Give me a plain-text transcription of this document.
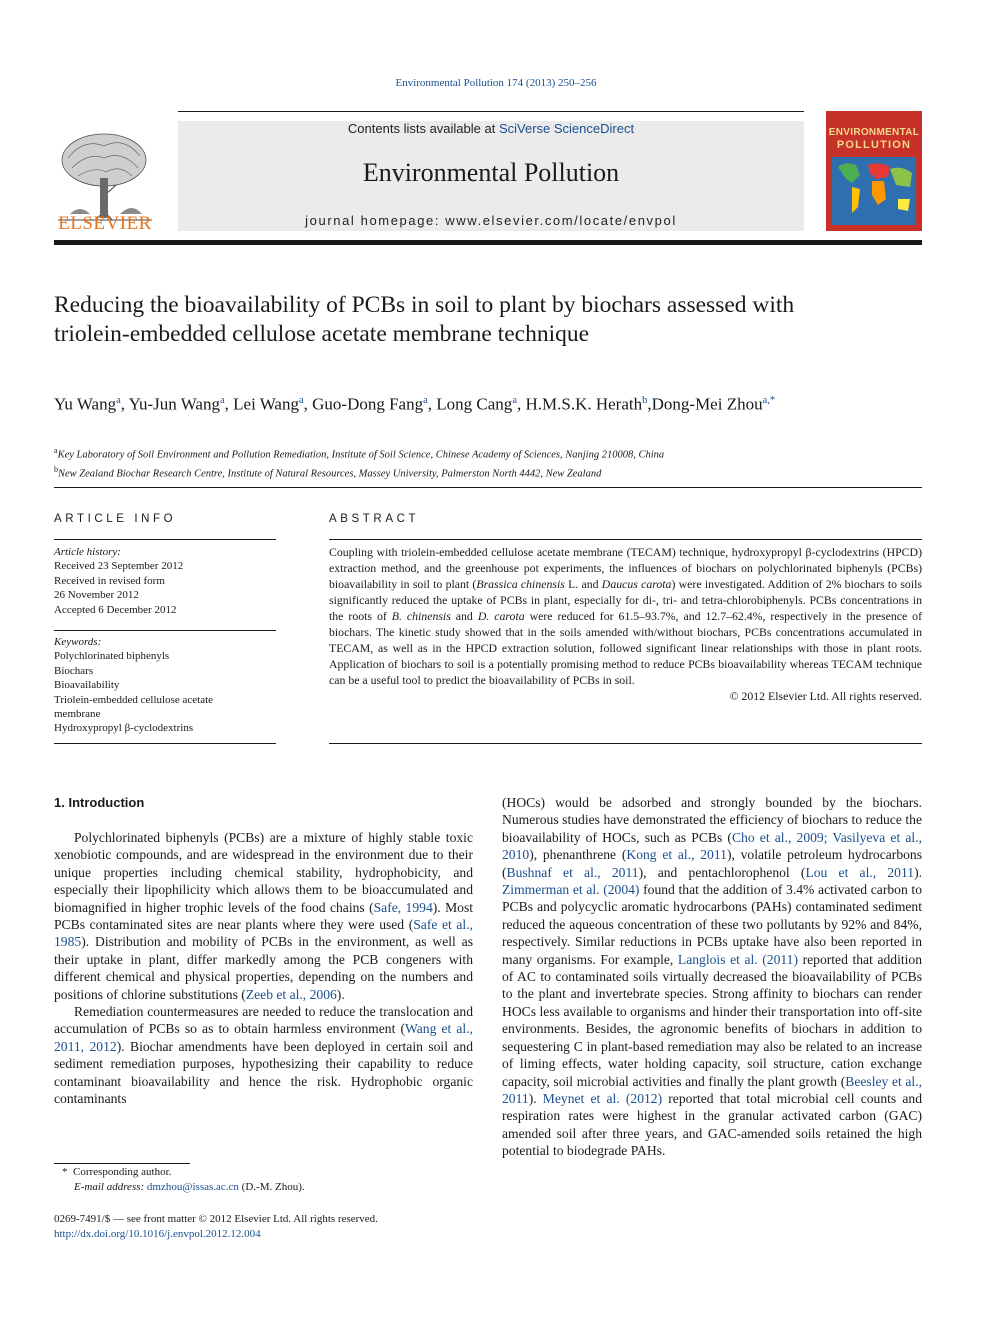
Environmental Pollution 174 (2013) 250–256
ELSEVIER
Contents lists available at SciVerse ScienceDirect
Environmental Pollution
journal homepage: www.elsevier.com/locate/envpol
ENVIRONMENTAL
POLLUTION
Reducing the bioavailability of PCBs in soil to plant by biochars assessed with triolein-embedded cellulose acetate membrane technique
Yu Wang$^a$, Yu-Jun Wang$^a$, Lei Wang$^a$, Guo-Dong Fang$^a$, Long Cang$^a$, H.M.S.K. Herath$^b$,Dong-Mei Zhou$^{a,*}$
$^a$Key Laboratory of Soil Environment and Pollution Remediation, Institute of Soil Science, Chinese Academy of Sciences, Nanjing 210008, China
$^b$New Zealand Biochar Research Centre, Institute of Natural Resources, Massey University, Palmerston North 4442, New Zealand
ARTICLE INFO
Article history:
Received 23 September 2012
Received in revised form
26 November 2012
Accepted 6 December 2012
Keywords:
Polychlorinated biphenyls
Biochars
Bioavailability
Triolein-embedded cellulose acetate
membrane
Hydroxypropyl β-cyclodextrins
ABSTRACT
Coupling with triolein-embedded cellulose acetate membrane (TECAM) technique, hydroxypropyl β-cyclodextrins (HPCD) extraction method, and the greenhouse pot experiments, the influences of biochars on polychlorinated biphenyls (PCBs) bioavailability in soil to plant (Brassica chinensis L. and Daucus carota) were investigated. Addition of 2% biochars to soils significantly reduced the uptake of PCBs in plant, especially for di-, tri- and tetra-chlorobiphenyls. PCBs concentrations in the roots of B. chinensis and D. carota were reduced for 61.5–93.7%, and 12.7–62.4%, respectively in the presence of biochars. The kinetic study showed that in the soils amended with/without biochars, PCBs concentrations accumulated in TECAM, as well as in the HPCD extraction solution, followed significant linear relationships with those in plant roots. Application of biochars to soil is a potentially promising method to reduce PCBs bioavailability whereas TECAM technique can be a useful tool to predict the bioavailability of PCBs in soil.
© 2012 Elsevier Ltd. All rights reserved.
1. Introduction

Polychlorinated biphenyls (PCBs) are a mixture of highly stable toxic xenobiotic compounds, and are widespread in the environment due to their unique properties including chemical stability, hydrophobicity, and especially their lipophilicity which allows them to be bioaccumulated and biomagnified in higher trophic levels of the food chains (Safe, 1994). Most PCBs contaminated sites are near plants where they were used (Safe et al., 1985). Distribution and mobility of PCBs in the environment, as well as their uptake in plant, differ markedly among the PCB congeners with different chemical and physical properties, depending on the numbers and positions of chlorine substitutions (Zeeb et al., 2006).

Remediation countermeasures are needed to reduce the translocation and accumulation of PCBs so as to obtain harmless environment (Wang et al., 2011, 2012). Biochar amendments have been deployed in certain soil and sediment remediation purposes, hypothesizing their capability to reduce contaminant bioavailability and hence the risk. Hydrophobic organic contaminants

(HOCs) would be adsorbed and strongly bounded by the biochars. Numerous studies have demonstrated the efficiency of biochars to reduce the bioavailability of HOCs, such as PCBs (Cho et al., 2009; Vasilyeva et al., 2010), phenanthrene (Kong et al., 2011), volatile petroleum hydrocarbons (Bushnaf et al., 2011), and pentachlorophenol (Lou et al., 2011). Zimmerman et al. (2004) found that the addition of 3.4% activated carbon to PCBs and polycyclic aromatic hydrocarbons (PAHs) contaminated sediment reduced the aqueous concentration of these two pollutants by 92% and 84%, respectively. Similar reductions in PCBs uptake have also been reported in many organisms. For example, Langlois et al. (2011) reported that addition of AC to contaminated soils virtually decreased the bioavailability of PCBs to the plant and invertebrate species. Strong affinity to biochars can render HOCs less available to organisms and hinder their transportation into off-site environments. Besides, the agronomic benefits of biochars in addition to sequestering C in plant-based remediation may also be related to an increase of liming effects, water holding capacity, soil structure, cation exchange capacity, soil microbial activities and finally the plant growth (Beesley et al., 2011). Meynet et al. (2012) reported that total microbial cell counts and respiration rates were highest in the granular activated carbon (GAC) amended soil after three years, and GAC-amended soils retained the high potential to biodegrade PAHs.

* Corresponding author.
E-mail address: dmzhou@issas.ac.cn (D.-M. Zhou).
0269-7491/$ — see front matter © 2012 Elsevier Ltd. All rights reserved.
http://dx.doi.org/10.1016/j.envpol.2012.12.004
